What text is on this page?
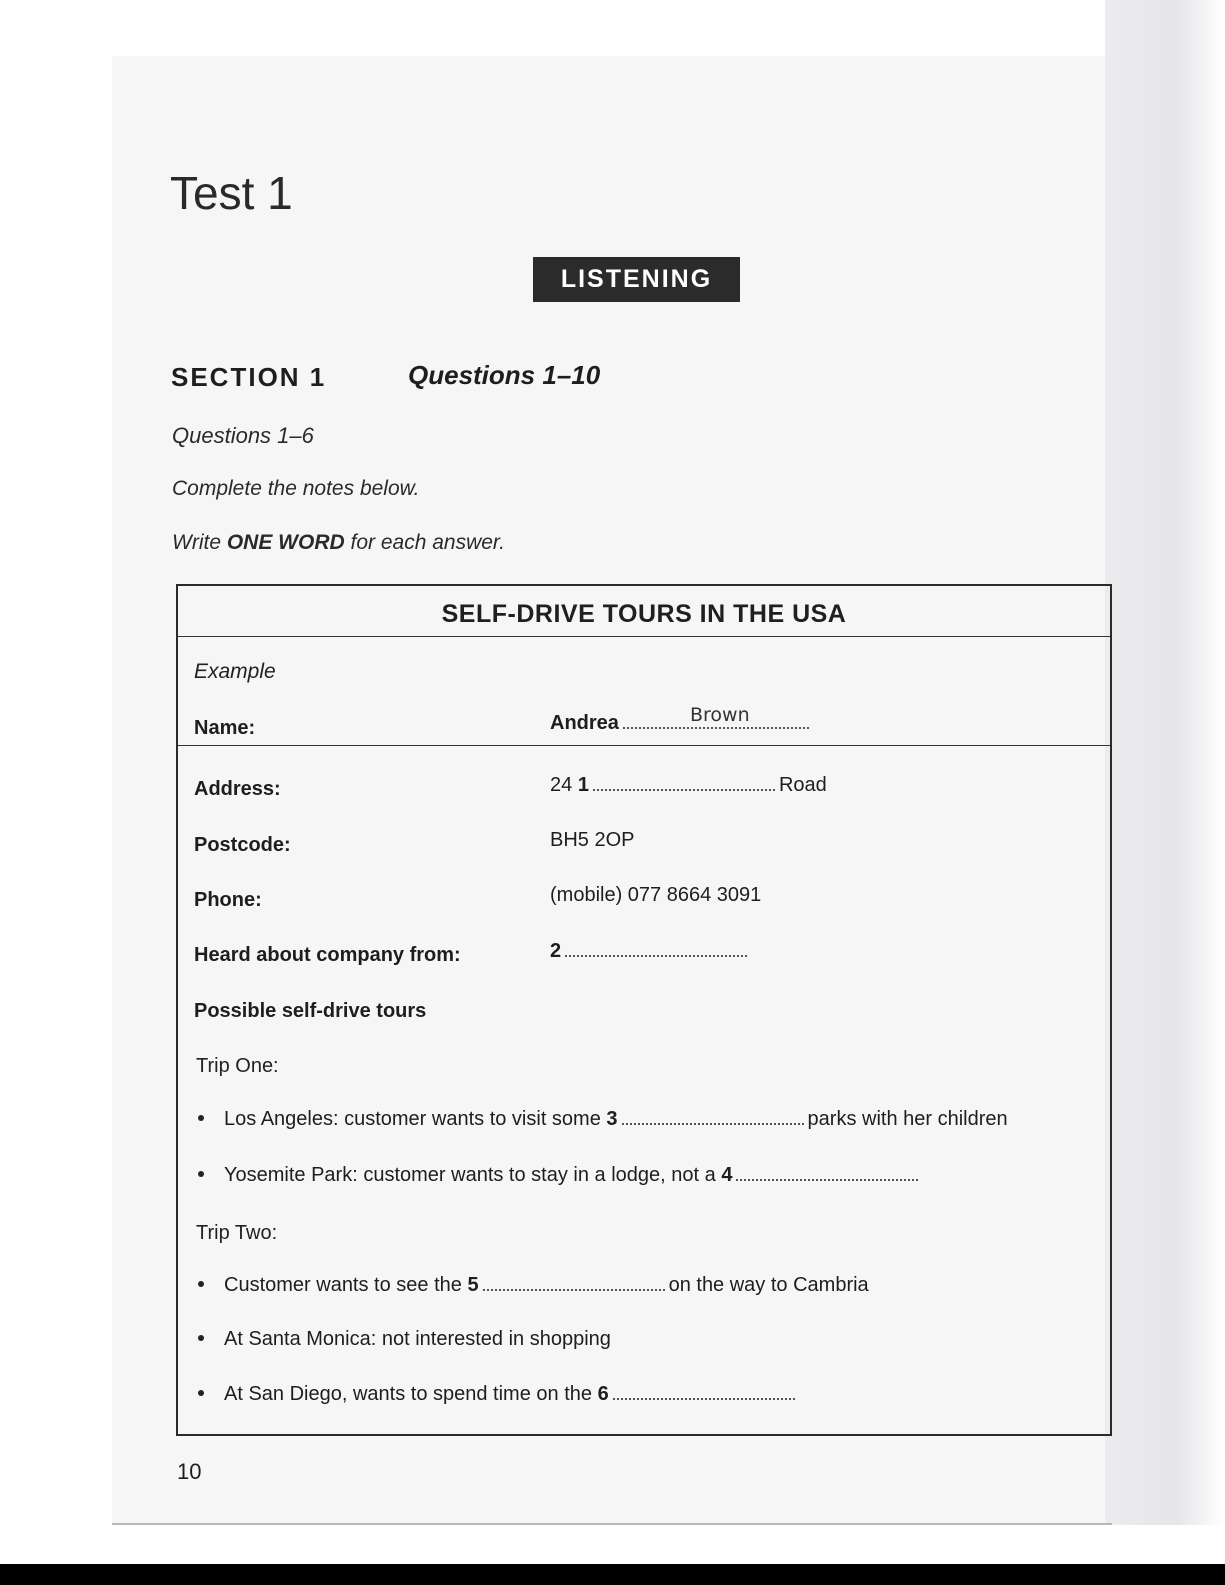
Test 1
LISTENING
SECTION 1	Questions 1–10
Questions 1–6
Complete the notes below.
Write ONE WORD for each answer.
SELF-DRIVE TOURS IN THE USA
Example
Name:	Andrea	Brown
Address:	24 1	Road
Postcode:	BH5 2OP
Phone:	(mobile) 077 8664 3091
Heard about company from:	2
Possible self-drive tours
Trip One:
Los Angeles: customer wants to visit some 3	parks with her children
Yosemite Park: customer wants to stay in a lodge, not a 4
Trip Two:
Customer wants to see the 5	on the way to Cambria
At Santa Monica: not interested in shopping
At San Diego, wants to spend time on the 6
10
